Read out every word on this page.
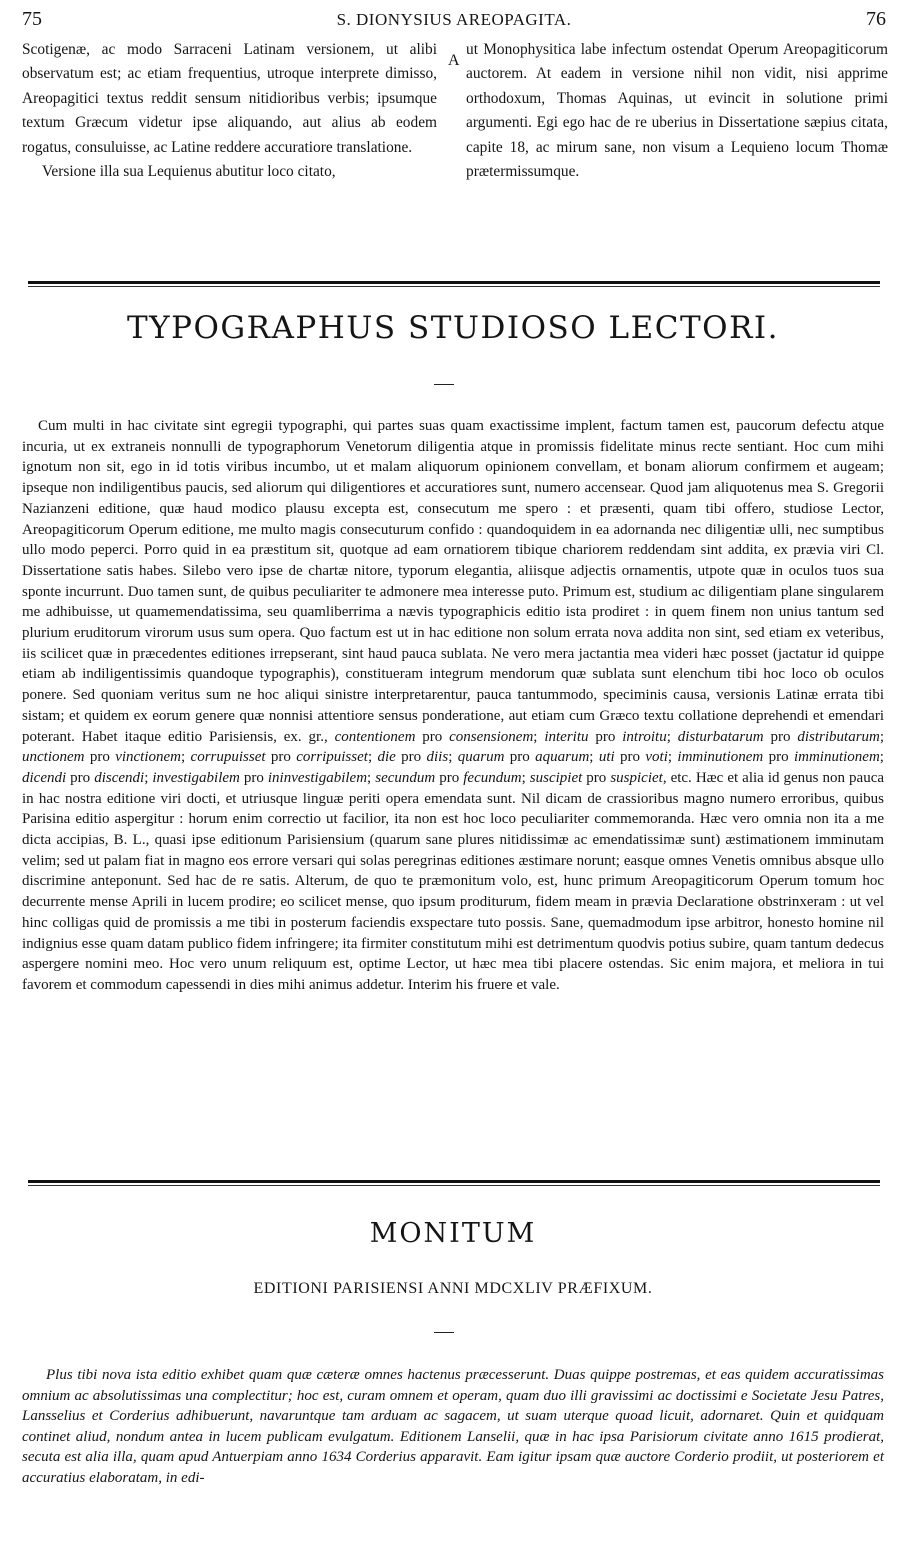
75	S. DIONYSIUS AREOPAGITA.	76

Scotigenæ, ac modo Sarraceni Latinam versionem, ut alibi observatum est; ac etiam frequentius, utroque interprete dimisso, Areopagitici textus reddit sensum nitidioribus verbis; ipsumque textum Græcum videtur ipse aliquando, aut alius ab eodem rogatus, consuluisse, ac Latine reddere accuratiore translatione.

Versione illa sua Lequienus abutitur loco citato,

A

ut Monophysitica labe infectum ostendat Operum Areopagiticorum auctorem. At eadem in versione nihil non vidit, nisi apprime orthodoxum, Thomas Aquinas, ut evincit in solutione primi argumenti. Egi ego hac de re uberius in Dissertatione sæpius citata, capite 18, ac mirum sane, non visum a Lequieno locum Thomæ prætermissumque.

TYPOGRAPHUS STUDIOSO LECTORI.

Cum multi in hac civitate sint egregii typographi, qui partes suas quam exactissime implent, factum tamen est, paucorum defectu atque incuria, ut ex extraneis nonnulli de typographorum Venetorum diligentia atque in promissis fidelitate minus recte sentiant. Hoc cum mihi ignotum non sit, ego in id totis viribus incumbo, ut et malam aliquorum opinionem convellam, et bonam aliorum confirmem et augeam; ipseque non indiligentibus paucis, sed aliorum qui diligentiores et accuratiores sunt, numero accensear. Quod jam aliquotenus mea S. Gregorii Nazianzeni editione, quæ haud modico plausu excepta est, consecutum me spero : et præsenti, quam tibi offero, studiose Lector, Areopagiticorum Operum editione, me multo magis consecuturum confido : quandoquidem in ea adornanda nec diligentiæ ulli, nec sumptibus ullo modo peperci. Porro quid in ea præstitum sit, quotque ad eam ornatiorem tibique chariorem reddendam sint addita, ex prævia viri Cl. Dissertatione satis habes. Silebo vero ipse de chartæ nitore, typorum elegantia, aliisque adjectis ornamentis, utpote quæ in oculos tuos sua sponte incurrunt. Duo tamen sunt, de quibus peculiariter te admonere mea interesse puto. Primum est, studium ac diligentiam plane singularem me adhibuisse, ut quamemendatissima, seu quamliberrima a nævis typographicis editio ista prodiret : in quem finem non unius tantum sed plurium eruditorum virorum usus sum opera. Quo factum est ut in hac editione non solum errata nova addita non sint, sed etiam ex veteribus, iis scilicet quæ in præcedentes editiones irrepserant, sint haud pauca sublata. Ne vero mera jactantia mea videri hæc posset (jactatur id quippe etiam ab indiligentissimis quandoque typographis), constitueram integrum mendorum quæ sublata sunt elenchum tibi hoc loco ob oculos ponere. Sed quoniam veritus sum ne hoc aliqui sinistre interpretarentur, pauca tantummodo, speciminis causa, versionis Latinæ errata tibi sistam; et quidem ex eorum genere quæ nonnisi attentiore sensus ponderatione, aut etiam cum Græco textu collatione deprehendi et emendari poterant. Habet itaque editio Parisiensis, ex. gr., contentionem pro consensionem; interitu pro introitu; disturbatarum pro distributarum; unctionem pro vinctionem; corrupuisset pro corripuisset; die pro diis; quarum pro aquarum; uti pro voti; imminutionem pro imminutionem; dicendi pro discendi; investigabilem pro ininvestigabilem; secundum pro fecundum; suscipiet pro suspiciet, etc. Hæc et alia id genus non pauca in hac nostra editione viri docti, et utriusque linguæ periti opera emendata sunt. Nil dicam de crassioribus magno numero erroribus, quibus Parisina editio aspergitur : horum enim correctio ut facilior, ita non est hoc loco peculiariter commemoranda. Hæc vero omnia non ita a me dicta accipias, B. L., quasi ipse editionum Parisiensium (quarum sane plures nitidissimæ ac emendatissimæ sunt) æstimationem imminutam velim; sed ut palam fiat in magno eos errore versari qui solas peregrinas editiones æstimare norunt; easque omnes Venetis omnibus absque ullo discrimine anteponunt. Sed hac de re satis. Alterum, de quo te præmonitum volo, est, hunc primum Areopagiticorum Operum tomum hoc decurrente mense Aprili in lucem prodire; eo scilicet mense, quo ipsum proditurum, fidem meam in prævia Declaratione obstrinxeram : ut vel hinc colligas quid de promissis a me tibi in posterum faciendis exspectare tuto possis. Sane, quemadmodum ipse arbitror, honesto homine nil indignius esse quam datam publico fidem infringere; ita firmiter constitutum mihi est detrimentum quodvis potius subire, quam tantum dedecus aspergere nomini meo. Hoc vero unum reliquum est, optime Lector, ut hæc mea tibi placere ostendas. Sic enim majora, et meliora in tui favorem et commodum capessendi in dies mihi animus addetur. Interim his fruere et vale.

MONITUM
EDITIONI PARISIENSI ANNI MDCXLIV PRÆFIXUM.

Plus tibi nova ista editio exhibet quam quæ cæteræ omnes hactenus præcesserunt. Duas quippe postremas, et eas quidem accuratissimas omnium ac absolutissimas una complectitur; hoc est, curam omnem et operam, quam duo illi gravissimi ac doctissimi e Societate Jesu Patres, Lansselius et Corderius adhibuerunt, navaruntque tam arduam ac sagacem, ut suam uterque quoad licuit, adornaret. Quin et quidquam continet aliud, nondum antea in lucem publicam evulgatum. Editionem Lanselii, quæ in hac ipsa Parisiorum civitate anno 1615 prodierat, secuta est alia illa, quam apud Antuerpiam anno 1634 Corderius apparavit. Eam igitur ipsam quæ auctore Corderio prodiit, ut posteriorem et accuratius elaboratam, in edi-
